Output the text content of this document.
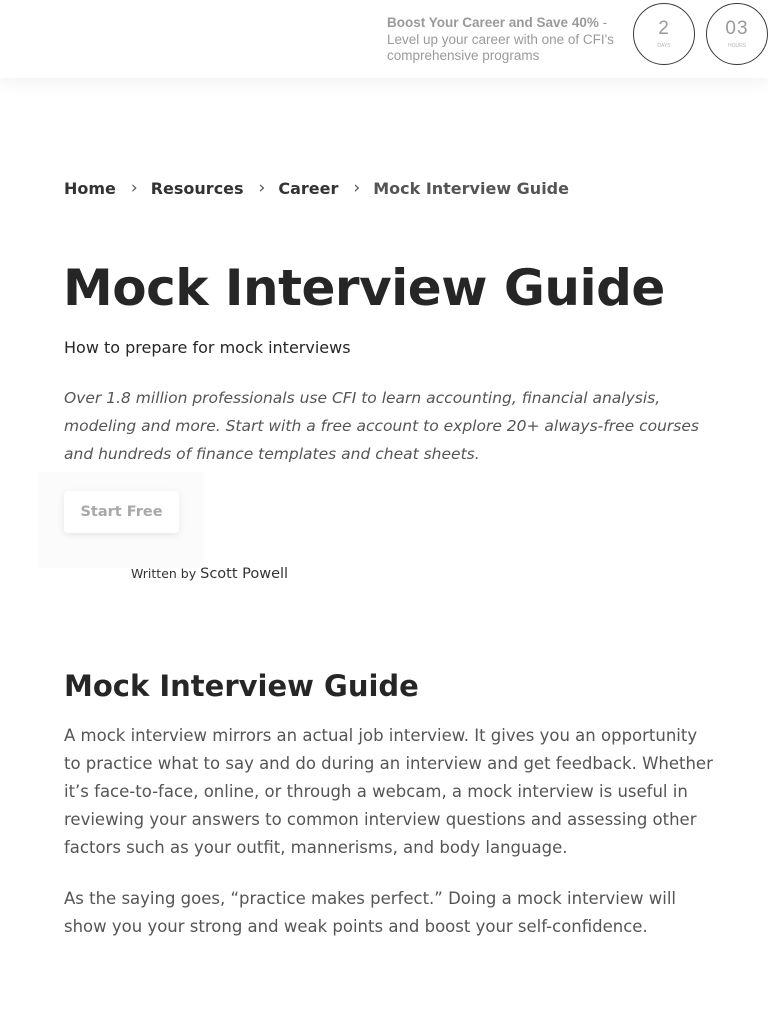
Boost Your Career and Save 40% -
Level up your career with one of CFI's comprehensive programs
2
DAYS
03
HOURS
Home › Resources › Career › Mock Interview Guide
Mock Interview Guide

How to prepare for mock interviews

Over 1.8 million professionals use CFI to learn accounting, financial analysis, modeling and more. Start with a free account to explore 20+ always-free courses and hundreds of finance templates and cheat sheets.

Start Free
Written by Scott Powell
Mock Interview Guide

A mock interview mirrors an actual job interview. It gives you an opportunity to practice what to say and do during an interview and get feedback. Whether it’s face-to-face, online, or through a webcam, a mock interview is useful in reviewing your answers to common interview questions and assessing other factors such as your outfit, mannerisms, and body language.

As the saying goes, “practice makes perfect.” Doing a mock interview will show you your strong and weak points and boost your self-confidence.
